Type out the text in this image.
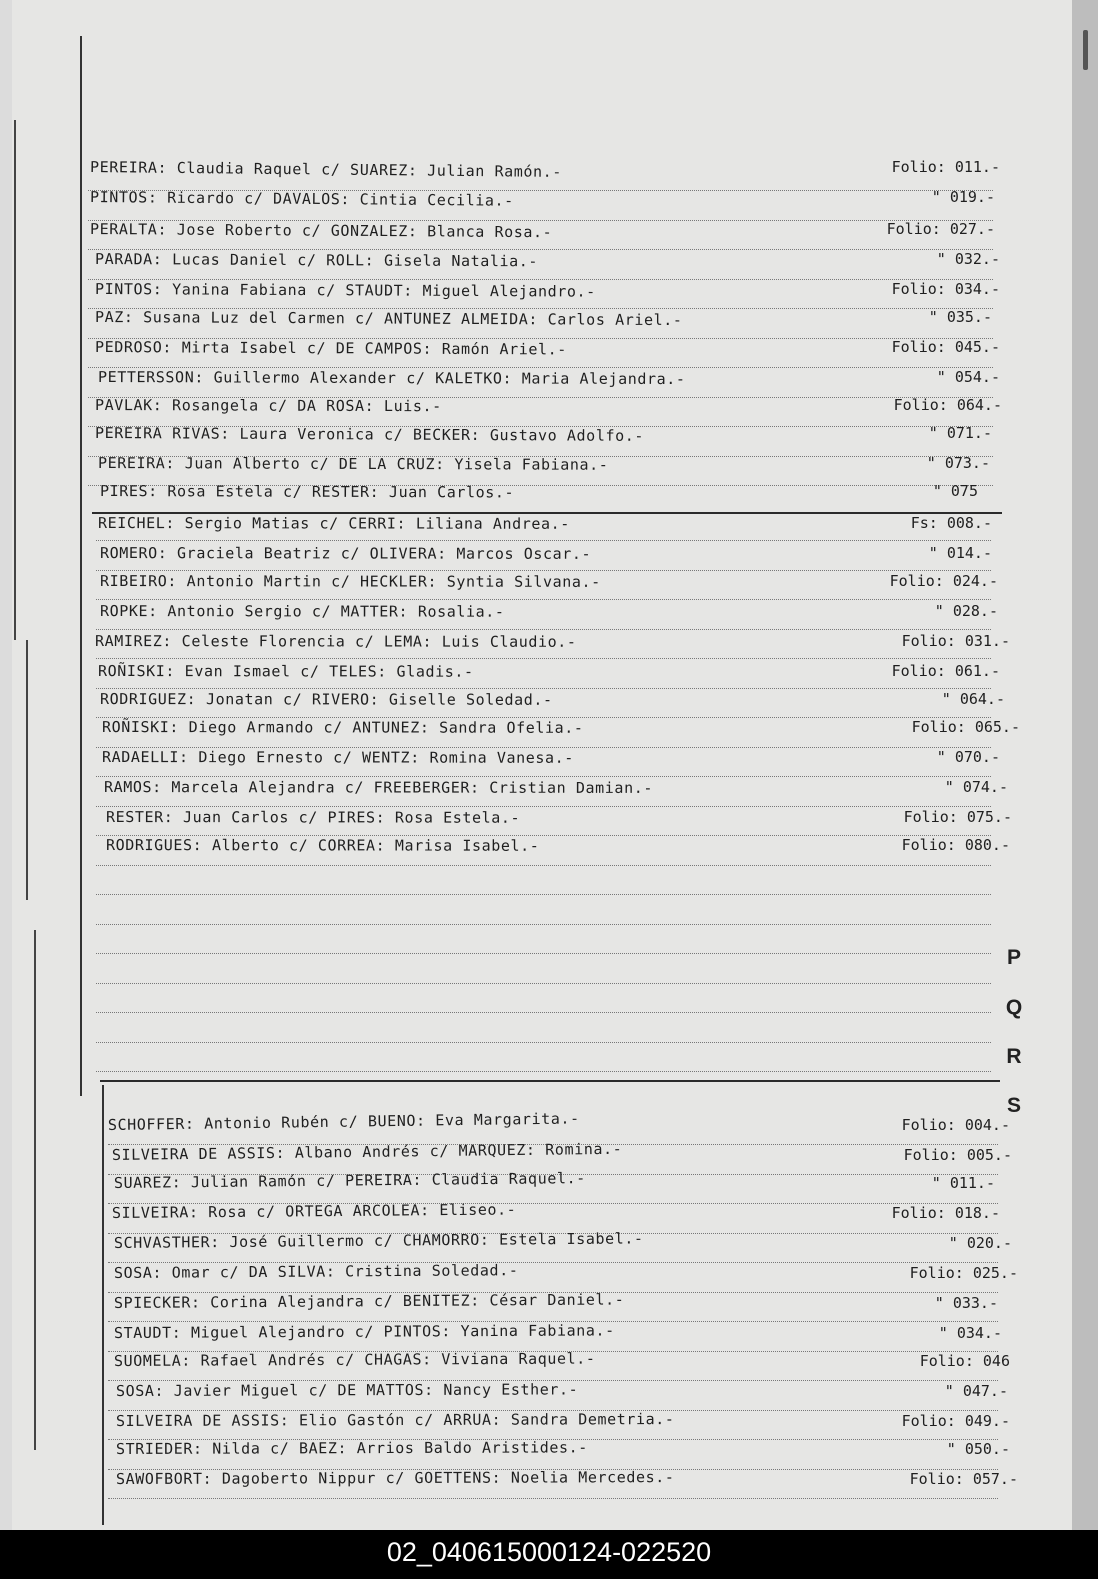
PEREIRA: Claudia Raquel c/ SUAREZ: Julian Ramón.-	Folio: 011.-
PINTOS: Ricardo c/ DAVALOS: Cintia Cecilia.-	" 019.-
PERALTA: Jose Roberto c/ GONZALEZ: Blanca Rosa.-	Folio: 027.-
PARADA: Lucas Daniel c/ ROLL: Gisela Natalia.-	" 032.-
PINTOS: Yanina Fabiana c/ STAUDT: Miguel Alejandro.-	Folio: 034.-
PAZ: Susana Luz del Carmen c/ ANTUNEZ ALMEIDA: Carlos Ariel.-	" 035.-
PEDROSO: Mirta Isabel c/ DE CAMPOS: Ramón Ariel.-	Folio: 045.-
PETTERSSON: Guillermo Alexander c/ KALETKO: Maria Alejandra.-	" 054.-
PAVLAK: Rosangela c/ DA ROSA: Luis.-	Folio: 064.-
PEREIRA RIVAS: Laura Veronica c/ BECKER: Gustavo Adolfo.-	" 071.-
PEREIRA: Juan Alberto c/ DE LA CRUZ: Yisela Fabiana.-	" 073.-
PIRES: Rosa Estela c/ RESTER: Juan Carlos.-	" 075
REICHEL: Sergio Matias c/ CERRI: Liliana Andrea.-	Fs: 008.-
ROMERO: Graciela Beatriz c/ OLIVERA: Marcos Oscar.-	" 014.-
RIBEIRO: Antonio Martin c/ HECKLER: Syntia Silvana.-	Folio: 024.-
ROPKE: Antonio Sergio c/ MATTER: Rosalia.-	" 028.-
RAMIREZ: Celeste Florencia c/ LEMA: Luis Claudio.-	Folio: 031.-
ROÑISKI: Evan Ismael c/ TELES: Gladis.-	Folio: 061.-
RODRIGUEZ: Jonatan c/ RIVERO: Giselle Soledad.-	" 064.-
ROÑISKI: Diego Armando c/ ANTUNEZ: Sandra Ofelia.-	Folio: 065.-
RADAELLI: Diego Ernesto c/ WENTZ: Romina Vanesa.-	" 070.-
RAMOS: Marcela Alejandra c/ FREEBERGER: Cristian Damian.-	" 074.-
RESTER: Juan Carlos c/ PIRES: Rosa Estela.-	Folio: 075.-
RODRIGUES: Alberto c/ CORREA: Marisa Isabel.-	Folio: 080.-
SCHOFFER: Antonio Rubén c/ BUENO: Eva Margarita.-	Folio: 004.-
SILVEIRA DE ASSIS: Albano Andrés c/ MARQUEZ: Romina.-	Folio: 005.-
SUAREZ: Julian Ramón c/ PEREIRA: Claudia Raquel.-	" 011.-
SILVEIRA: Rosa c/ ORTEGA ARCOLEA: Eliseo.-	Folio: 018.-
SCHVASTHER: José Guillermo c/ CHAMORRO: Estela Isabel.-	" 020.-
SOSA: Omar c/ DA SILVA: Cristina Soledad.-	Folio: 025.-
SPIECKER: Corina Alejandra c/ BENITEZ: César Daniel.-	" 033.-
STAUDT: Miguel Alejandro c/ PINTOS: Yanina Fabiana.-	" 034.-
SUOMELA: Rafael Andrés c/ CHAGAS: Viviana Raquel.-	Folio: 046
SOSA: Javier Miguel c/ DE MATTOS: Nancy Esther.-	" 047.-
SILVEIRA DE ASSIS: Elio Gastón c/ ARRUA: Sandra Demetria.-	Folio: 049.-
STRIEDER: Nilda c/ BAEZ: Arrios Baldo Aristides.-	" 050.-
SAWOFBORT: Dagoberto Nippur c/ GOETTENS: Noelia Mercedes.-	Folio: 057.-
P
Q
R
S
02_040615000124-022520
